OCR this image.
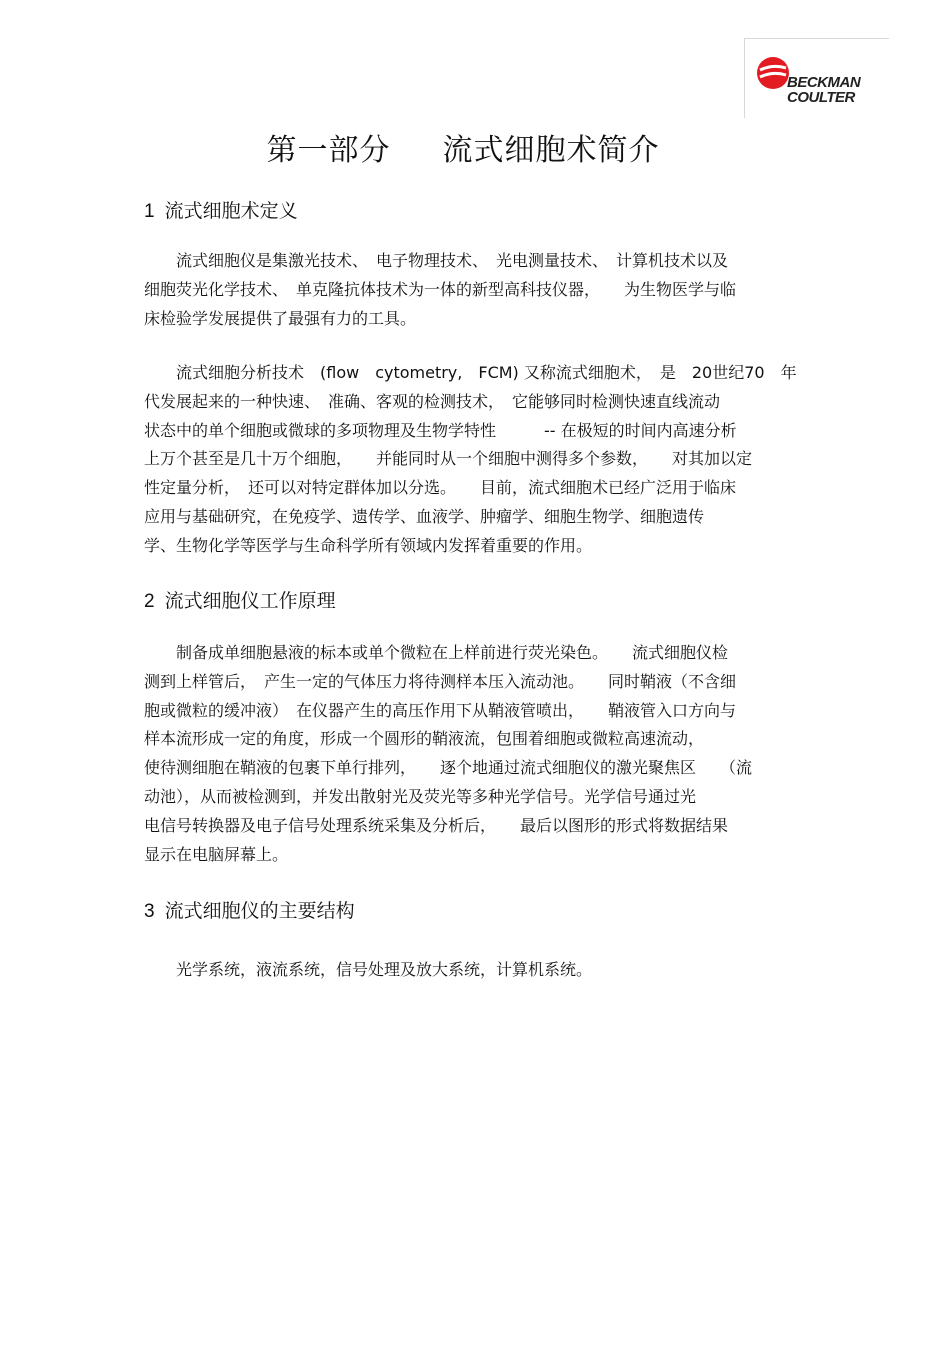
BECKMAN
COULTER
第一部分 流式细胞术简介
1 流式细胞术定义
　　流式细胞仪是集激光技术、　电子物理技术、　光电测量技术、　计算机技术以及
细胞荧光化学技术、　单克隆抗体技术为一体的新型高科技仪器，　　为生物医学与临
床检验学发展提供了最强有力的工具。
　　流式细胞分析技术　(flow　cytometry,　FCM) 又称流式细胞术，　是　20世纪70　年
代发展起来的一种快速、　准确、客观的检测技术，　它能够同时检测快速直线流动
状态中的单个细胞或微球的多项物理及生物学特性　　　-- 在极短的时间内高速分析
上万个甚至是几十万个细胞，　　并能同时从一个细胞中测得多个参数，　　对其加以定
性定量分析，　还可以对特定群体加以分选。　　目前，流式细胞术已经广泛用于临床
应用与基础研究，在免疫学、遗传学、血液学、肿瘤学、细胞生物学、细胞遗传
学、生物化学等医学与生命科学所有领域内发挥着重要的作用。
2 流式细胞仪工作原理
　　制备成单细胞悬液的标本或单个微粒在上样前进行荧光染色。　　流式细胞仪检
测到上样管后，　产生一定的气体压力将待测样本压入流动池。　　同时鞘液（不含细
胞或微粒的缓冲液）　在仪器产生的高压作用下从鞘液管喷出，　　鞘液管入口方向与
样本流形成一定的角度，形成一个圆形的鞘液流，包围着细胞或微粒高速流动，
使待测细胞在鞘液的包裹下单行排列，　　逐个地通过流式细胞仪的激光聚焦区　　（流
动池），从而被检测到，并发出散射光及荧光等多种光学信号。光学信号通过光
电信号转换器及电子信号处理系统采集及分析后，　　最后以图形的形式将数据结果
显示在电脑屏幕上。
3 流式细胞仪的主要结构
　　光学系统，液流系统，信号处理及放大系统，计算机系统。
